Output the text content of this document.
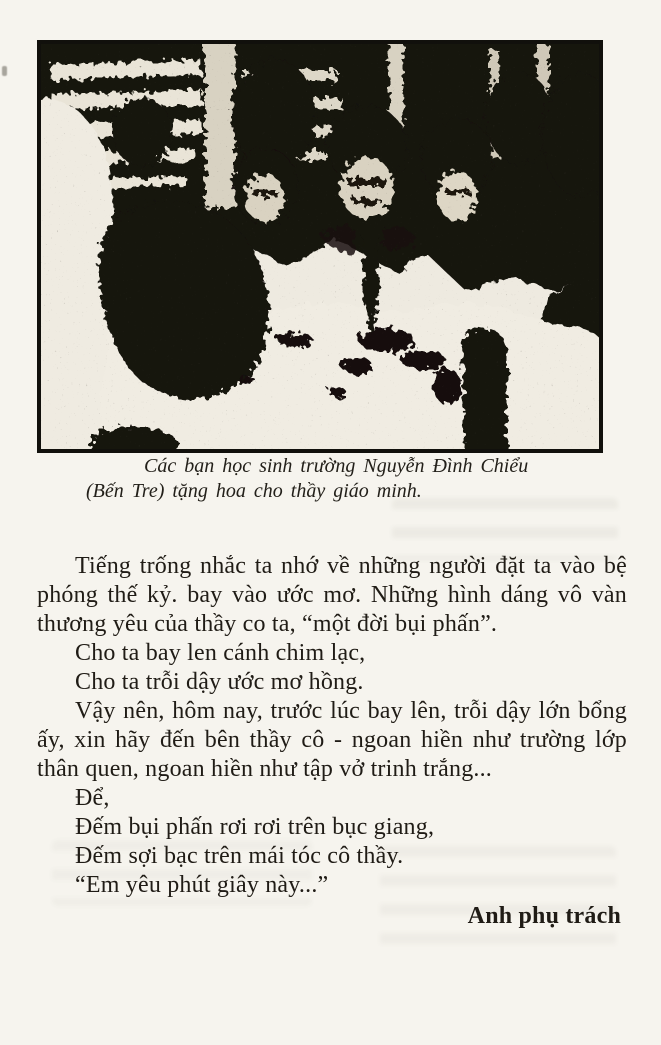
Các bạn học sinh trường Nguyễn Đình Chiểu
(Bến Tre) tặng hoa cho thầy giáo minh.

Tiếng trống nhắc ta nhớ về những người đặt ta vào bệ phóng thế kỷ. bay vào ước mơ. Những hình dáng vô vàn thương yêu của thầy co ta, “một đời bụi phấn”.

Cho ta bay len cánh chim lạc,

Cho ta trỗi dậy ước mơ hồng.

Vậy nên, hôm nay, trước lúc bay lên, trỗi dậy lớn bổng ấy, xin hãy đến bên thầy cô - ngoan hiền như trường lớp thân quen, ngoan hiền như tập vở trinh trắng...

Để,

Đếm bụi phấn rơi rơi trên bục giang,

Đếm sợi bạc trên mái tóc cô thầy.

“Em yêu phút giây này...”

Anh phụ trách
